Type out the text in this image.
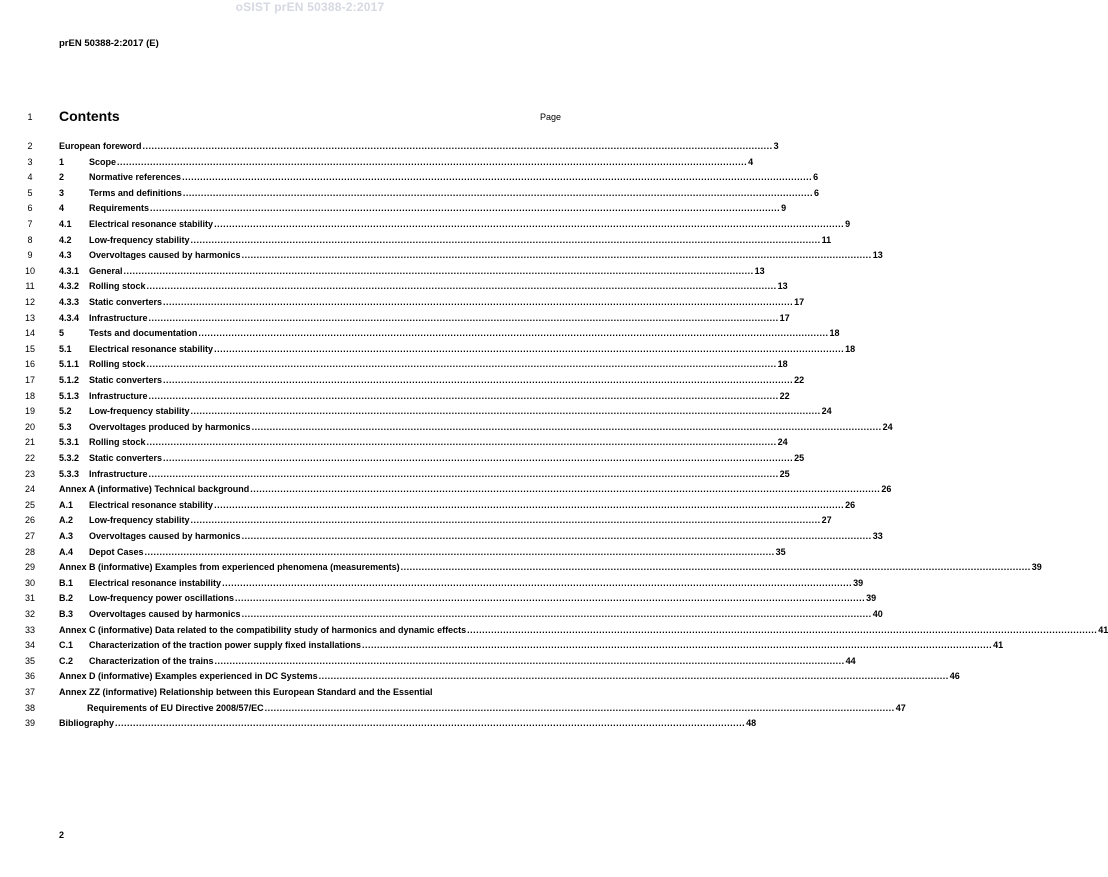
oSIST prEN 50388-2:2017
prEN 50388-2:2017 (E)
1	Contents	Page
2	European foreword .....	3
3	1	Scope .....	4
4	2	Normative references .....	6
5	3	Terms and definitions .....	6
6	4	Requirements .....	9
7	4.1	Electrical resonance stability .....	9
8	4.2	Low-frequency stability .....	11
9	4.3	Overvoltages caused by harmonics .....	13
10	4.3.1	General .....	13
11	4.3.2	Rolling stock .....	13
12	4.3.3	Static converters .....	17
13	4.3.4	Infrastructure .....	17
14	5	Tests and documentation .....	18
15	5.1	Electrical resonance stability .....	18
16	5.1.1	Rolling stock .....	18
17	5.1.2	Static converters .....	22
18	5.1.3	Infrastructure .....	22
19	5.2	Low-frequency stability .....	24
20	5.3	Overvoltages produced by harmonics .....	24
21	5.3.1	Rolling stock .....	24
22	5.3.2	Static converters .....	25
23	5.3.3	Infrastructure .....	25
24	Annex A (informative) Technical background .....	26
25	A.1	Electrical resonance stability .....	26
26	A.2	Low-frequency stability .....	27
27	A.3	Overvoltages caused by harmonics .....	33
28	A.4	Depot Cases .....	35
29	Annex B (informative) Examples from experienced phenomena (measurements) .....	39
30	B.1	Electrical resonance instability .....	39
31	B.2	Low-frequency power oscillations .....	39
32	B.3	Overvoltages caused by harmonics .....	40
33	Annex C (informative) Data related to the compatibility study of harmonics and dynamic effects .....	41
34	C.1	Characterization of the traction power supply fixed installations .....	41
35	C.2	Characterization of the trains .....	44
36	Annex D (informative) Examples experienced in DC Systems .....	46
37	Annex ZZ (informative) Relationship between this European Standard and the Essential
38	Requirements of EU Directive 2008/57/EC .....	47
39	Bibliography .....	48
2
